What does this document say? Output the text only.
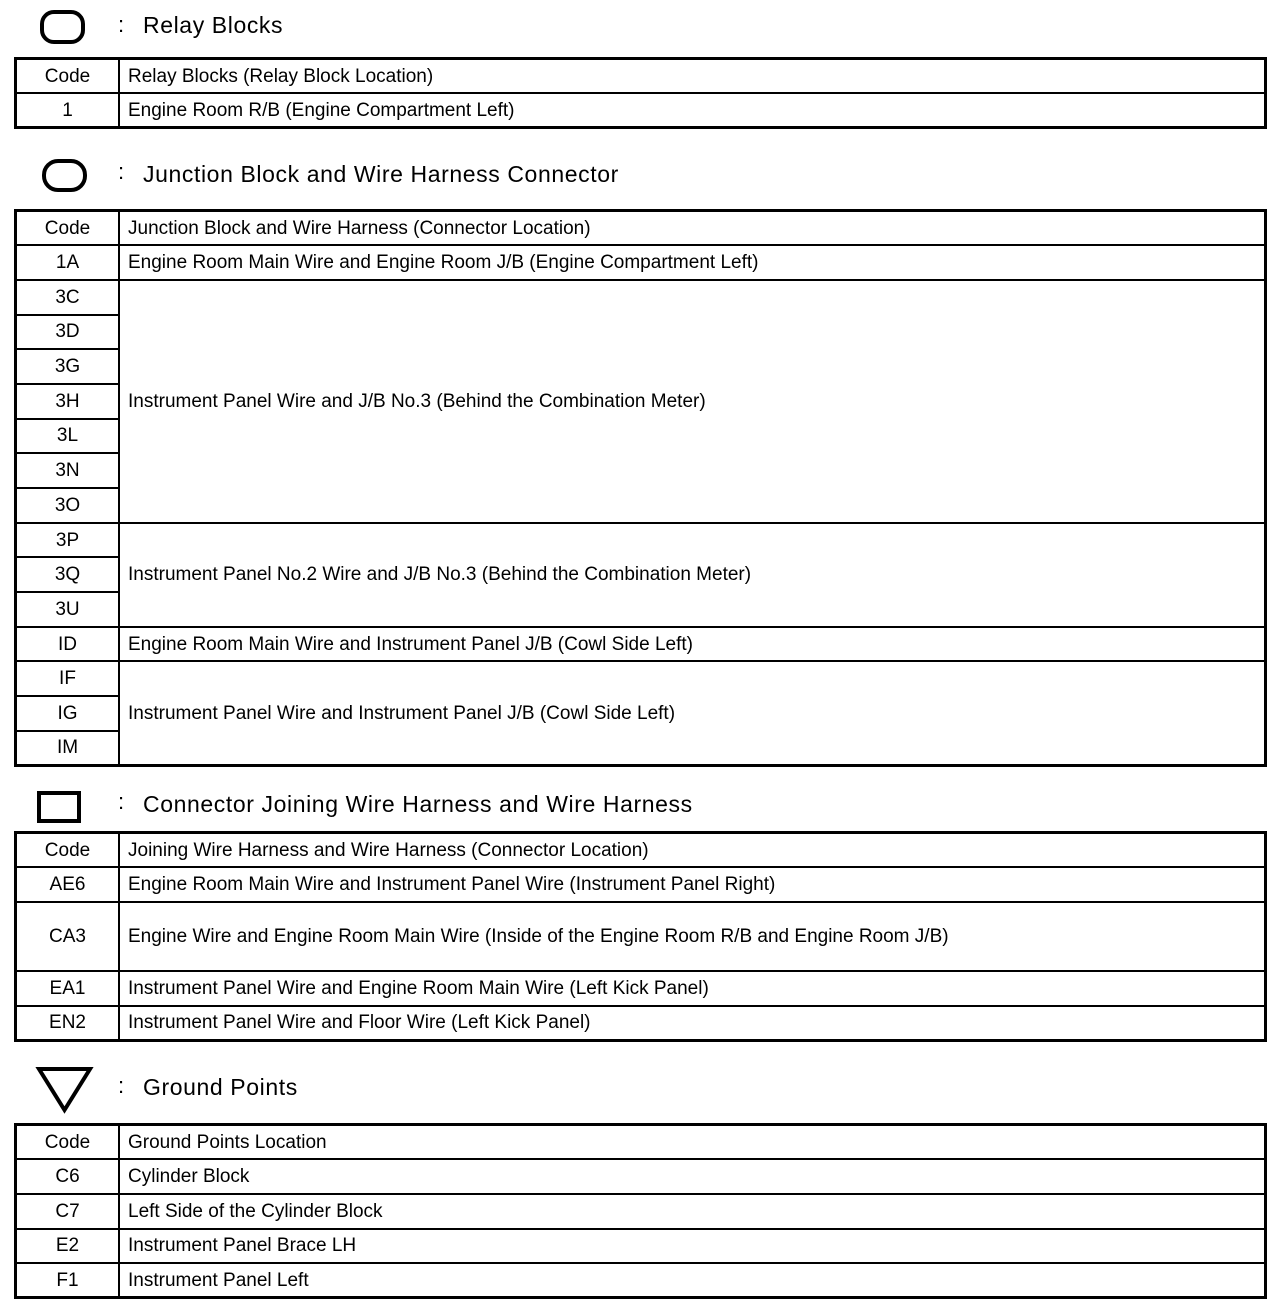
: Relay Blocks
Code	Relay Blocks (Relay Block Location)
1	Engine Room R/B (Engine Compartment Left)
: Junction Block and Wire Harness Connector
Code	Junction Block and Wire Harness (Connector Location)
1A	Engine Room Main Wire and Engine Room J/B (Engine Compartment Left)
3C	Instrument Panel Wire and J/B No.3 (Behind the Combination Meter)
3D	
3G	
3H	
3L	
3N	
3O	
3P	Instrument Panel No.2 Wire and J/B No.3 (Behind the Combination Meter)
3Q	
3U	
ID	Engine Room Main Wire and Instrument Panel J/B (Cowl Side Left)
IF	Instrument Panel Wire and Instrument Panel J/B (Cowl Side Left)
IG	
IM	
: Connector Joining Wire Harness and Wire Harness
Code	Joining Wire Harness and Wire Harness (Connector Location)
AE6	Engine Room Main Wire and Instrument Panel Wire (Instrument Panel Right)
CA3	Engine Wire and Engine Room Main Wire (Inside of the Engine Room R/B and Engine Room J/B)
EA1	Instrument Panel Wire and Engine Room Main Wire (Left Kick Panel)
EN2	Instrument Panel Wire and Floor Wire (Left Kick Panel)
: Ground Points
Code	Ground Points Location
C6	Cylinder Block
C7	Left Side of the Cylinder Block
E2	Instrument Panel Brace LH
F1	Instrument Panel Left
